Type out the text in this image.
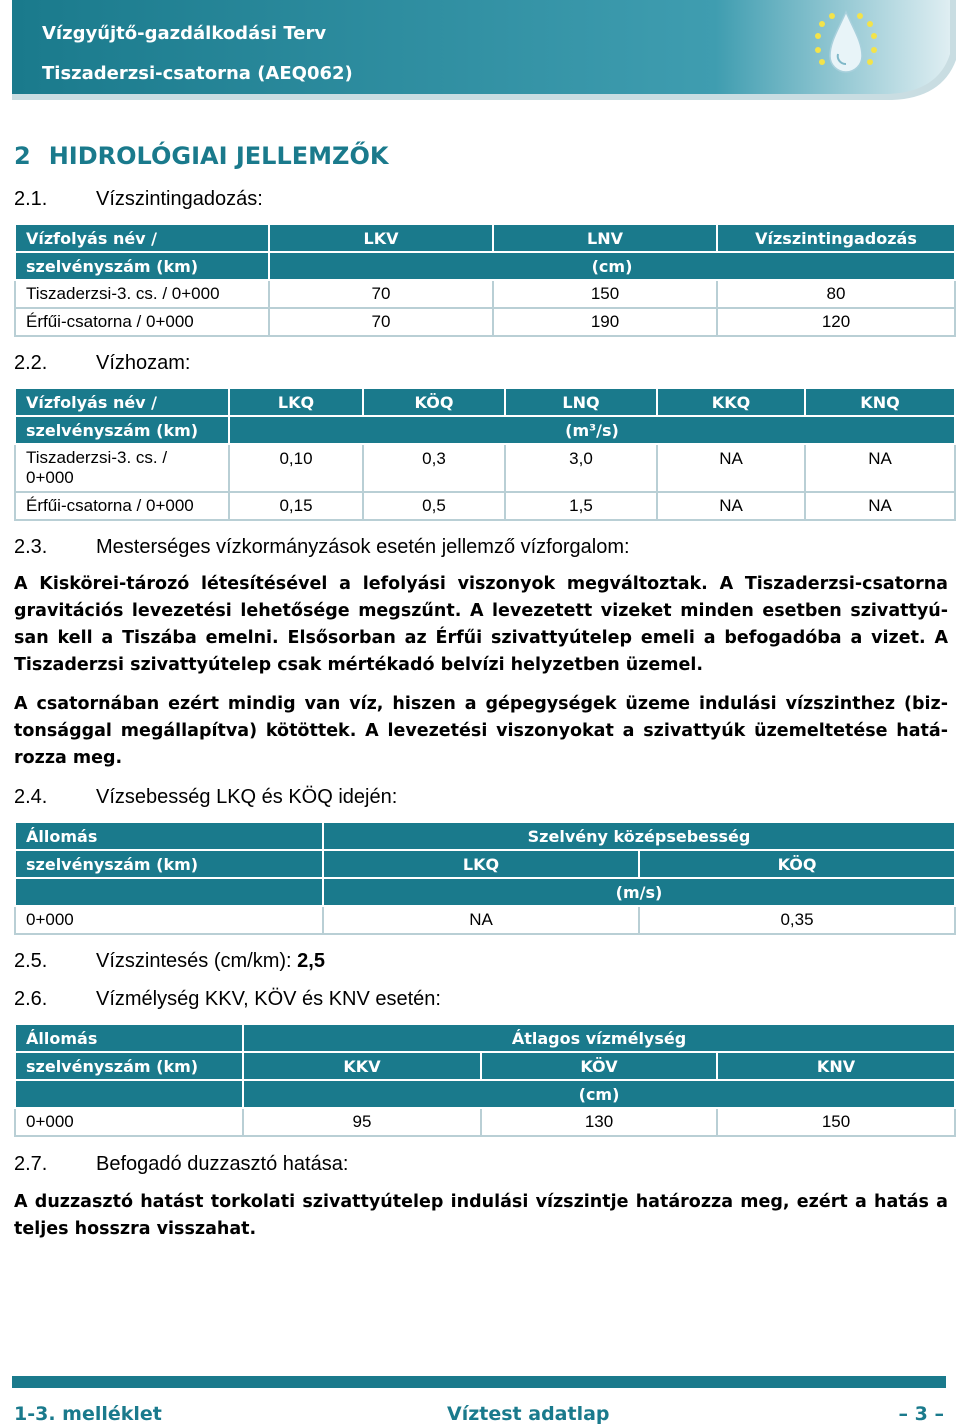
Vízgyűjtő-gazdálkodási Terv
Tiszaderzsi-csatorna (AEQ062)
2 HIDROLÓGIAI JELLEMZŐK
2.1. Vízszintingadozás:
Vízfolyás név /	LKV	LNV	Vízszintingadozás
szelvényszám (km)	(cm)		
Tiszaderzsi-3. cs. / 0+000	70	150	80
Érfűi-csatorna / 0+000	70	190	120
2.2. Vízhozam:
Vízfolyás név /	LKQ	KÖQ	LNQ	KKQ	KNQ
szelvényszám (km)	(m³/s)				
Tiszaderzsi-3. cs. /
0+000	0,10	0,3	3,0	NA	NA
Érfűi-csatorna / 0+000	0,15	0,5	1,5	NA	NA
2.3. Mesterséges vízkormányzások esetén jellemző vízforgalom:
A Kiskörei-tározó létesítésével a lefolyási viszonyok megváltoztak. A Tiszaderzsi-csatorna
gravitációs levezetési lehetősége megszűnt. A levezetett vizeket minden esetben szivattyú-
san kell a Tiszába emelni. Elsősorban az Érfűi szivattyútelep emeli a befogadóba a vizet. A
Tiszaderzsi szivattyútelep csak mértékadó belvízi helyzetben üzemel.
A csatornában ezért mindig van víz, hiszen a gépegységek üzeme indulási vízszinthez (biz-
tonsággal megállapítva) kötöttek. A levezetési viszonyokat a szivattyúk üzemeltetése hatá-
rozza meg.
2.4. Vízsebesség LKQ és KÖQ idején:
Állomás	Szelvény középsebesség	
szelvényszám (km)	LKQ	KÖQ
	(m/s)	
0+000	NA	0,35
2.5. Vízszintesés (cm/km): 2,5
2.6. Vízmélység KKV, KÖV és KNV esetén:
Állomás	Átlagos vízmélység		
szelvényszám (km)	KKV	KÖV	KNV
	(cm)		
0+000	95	130	150
2.7. Befogadó duzzasztó hatása:
A duzzasztó hatást torkolati szivattyútelep indulási vízszintje határozza meg, ezért a hatás a
teljes hosszra visszahat.
1-3. melléklet	Víztest adatlap	– 3 –
